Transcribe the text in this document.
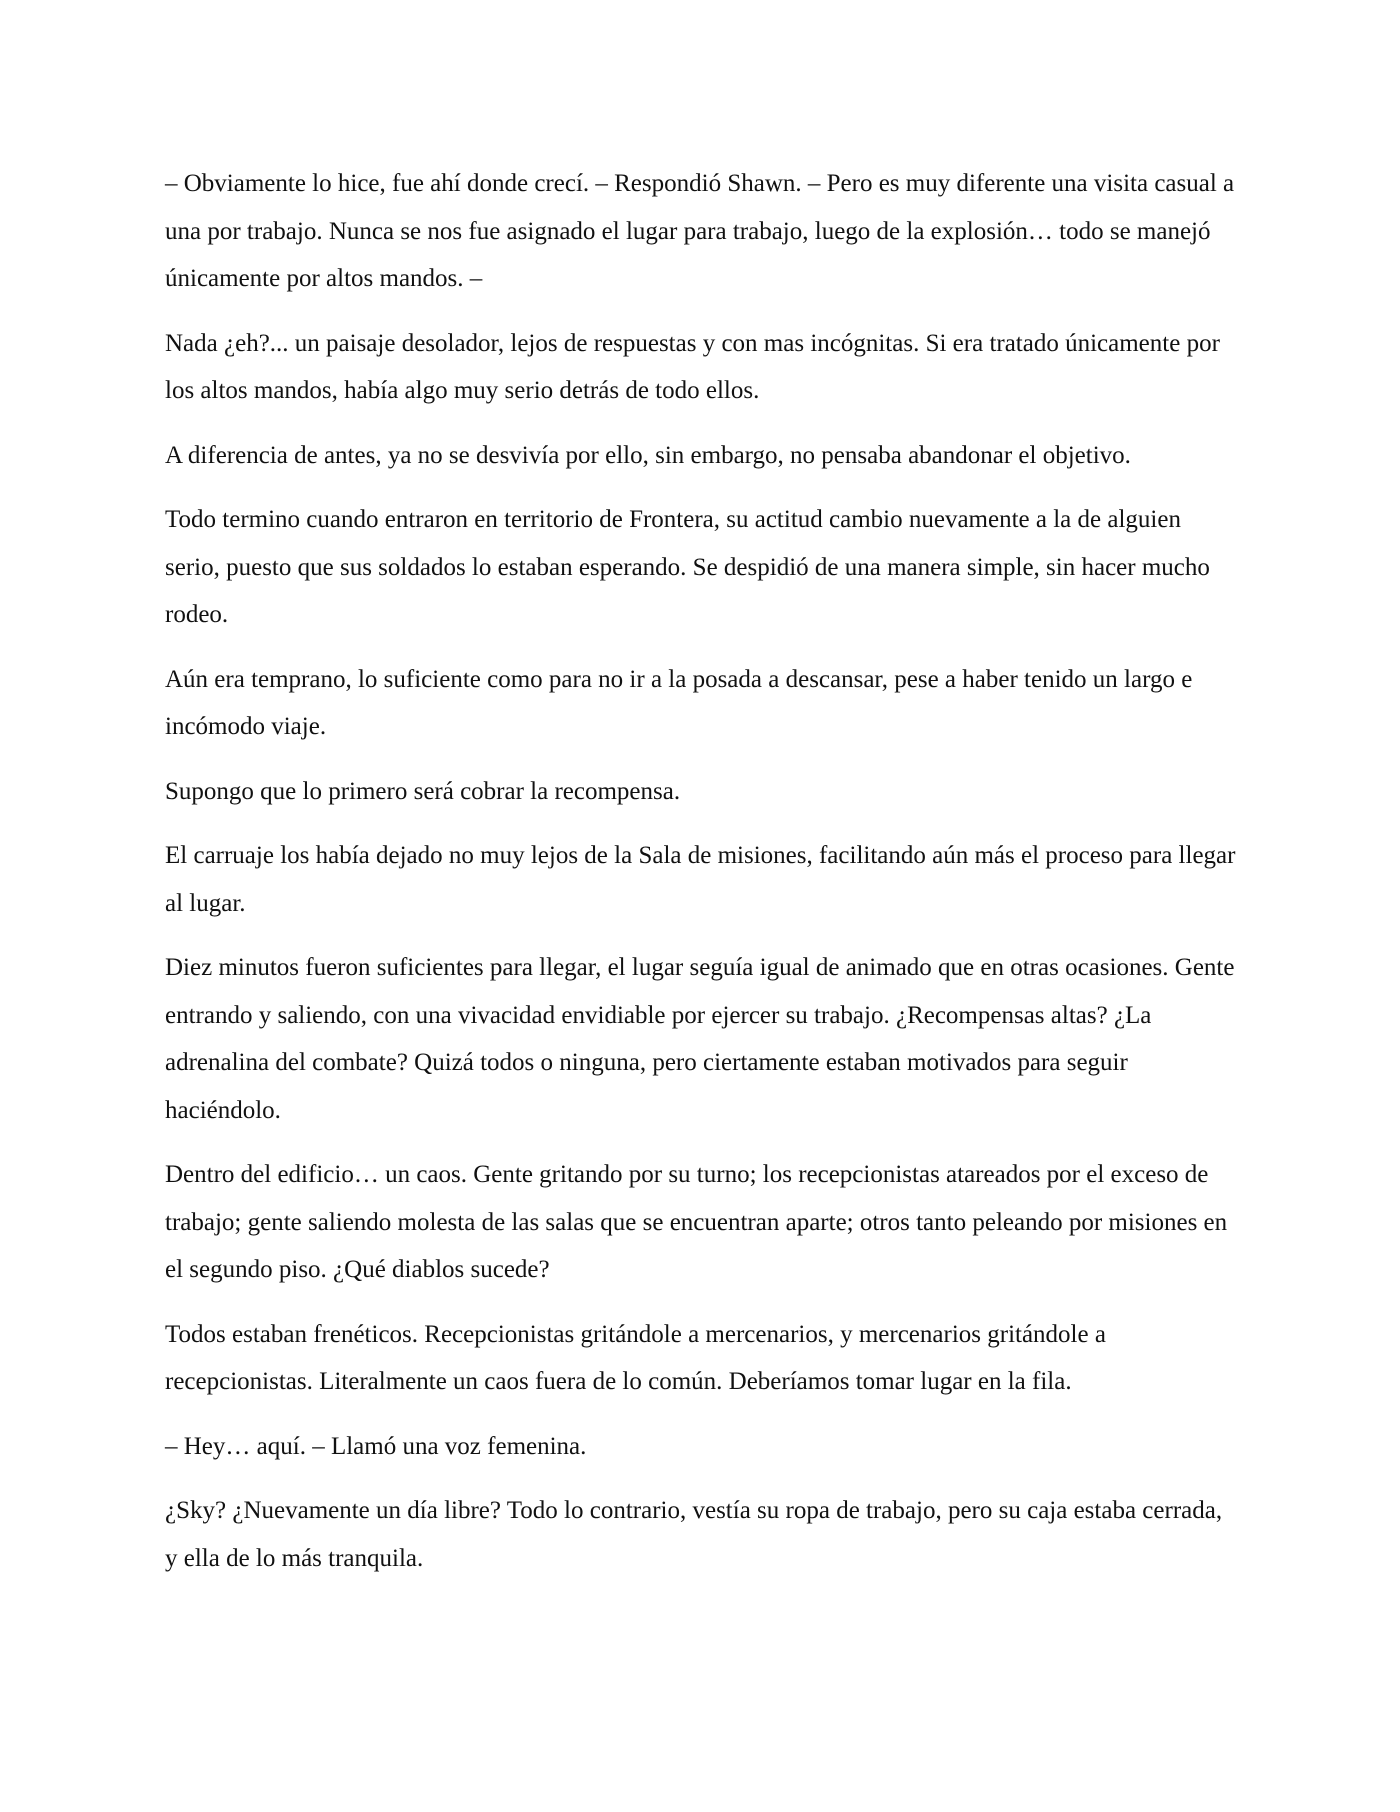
– Obviamente lo hice, fue ahí donde crecí. – Respondió Shawn. – Pero es muy diferente una visita casual a una por trabajo. Nunca se nos fue asignado el lugar para trabajo, luego de la explosión… todo se manejó únicamente por altos mandos. –

Nada ¿eh?... un paisaje desolador, lejos de respuestas y con mas incógnitas. Si era tratado únicamente por los altos mandos, había algo muy serio detrás de todo ellos.

A diferencia de antes, ya no se desvivía por ello, sin embargo, no pensaba abandonar el objetivo.

Todo termino cuando entraron en territorio de Frontera, su actitud cambio nuevamente a la de alguien serio, puesto que sus soldados lo estaban esperando. Se despidió de una manera simple, sin hacer mucho rodeo.

Aún era temprano, lo suficiente como para no ir a la posada a descansar, pese a haber tenido un largo e incómodo viaje.

Supongo que lo primero será cobrar la recompensa.

El carruaje los había dejado no muy lejos de la Sala de misiones, facilitando aún más el proceso para llegar al lugar.

Diez minutos fueron suficientes para llegar, el lugar seguía igual de animado que en otras ocasiones. Gente entrando y saliendo, con una vivacidad envidiable por ejercer su trabajo. ¿Recompensas altas? ¿La adrenalina del combate? Quizá todos o ninguna, pero ciertamente estaban motivados para seguir haciéndolo.

Dentro del edificio… un caos. Gente gritando por su turno; los recepcionistas atareados por el exceso de trabajo; gente saliendo molesta de las salas que se encuentran aparte; otros tanto peleando por misiones en el segundo piso. ¿Qué diablos sucede?

Todos estaban frenéticos. Recepcionistas gritándole a mercenarios, y mercenarios gritándole a recepcionistas. Literalmente un caos fuera de lo común. Deberíamos tomar lugar en la fila.

– Hey… aquí. – Llamó una voz femenina.

¿Sky? ¿Nuevamente un día libre? Todo lo contrario, vestía su ropa de trabajo, pero su caja estaba cerrada, y ella de lo más tranquila.
